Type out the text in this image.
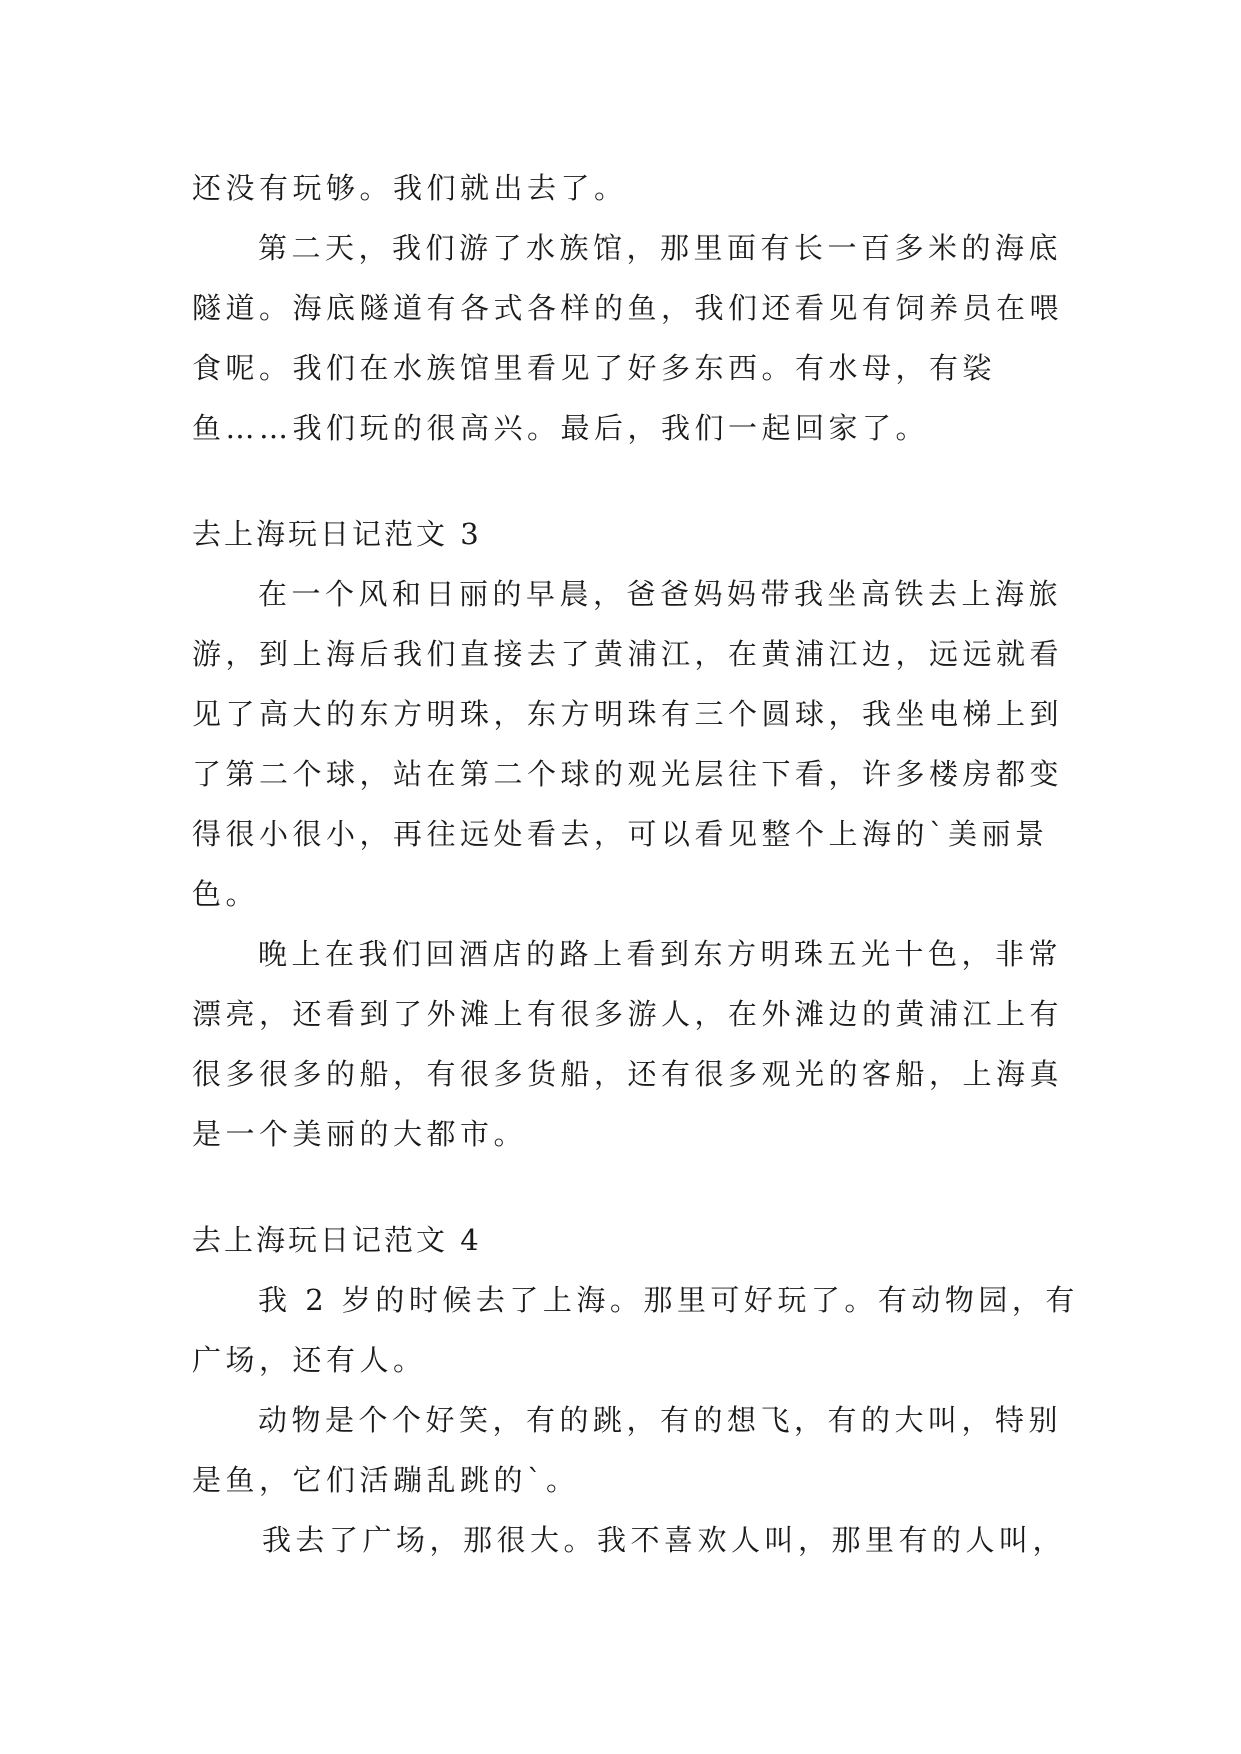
还没有玩够。我们就出去了。
第二天，我们游了水族馆，那里面有长一百多米的海底
隧道。海底隧道有各式各样的鱼，我们还看见有饲养员在喂
食呢。我们在水族馆里看见了好多东西。有水母，有裟
鱼……我们玩的很高兴。最后，我们一起回家了。
去上海玩日记范文 3
在一个风和日丽的早晨，爸爸妈妈带我坐高铁去上海旅
游，到上海后我们直接去了黄浦江，在黄浦江边，远远就看
见了高大的东方明珠，东方明珠有三个圆球，我坐电梯上到
了第二个球，站在第二个球的观光层往下看，许多楼房都变
得很小很小，再往远处看去，可以看见整个上海的`美丽景
色。
晚上在我们回酒店的路上看到东方明珠五光十色，非常
漂亮，还看到了外滩上有很多游人，在外滩边的黄浦江上有
很多很多的船，有很多货船，还有很多观光的客船，上海真
是一个美丽的大都市。
去上海玩日记范文 4
我 2 岁的时候去了上海。那里可好玩了。有动物园，有
广场，还有人。
动物是个个好笑，有的跳，有的想飞，有的大叫，特别
是鱼，它们活蹦乱跳的`。
我去了广场，那很大。我不喜欢人叫，那里有的人叫，
